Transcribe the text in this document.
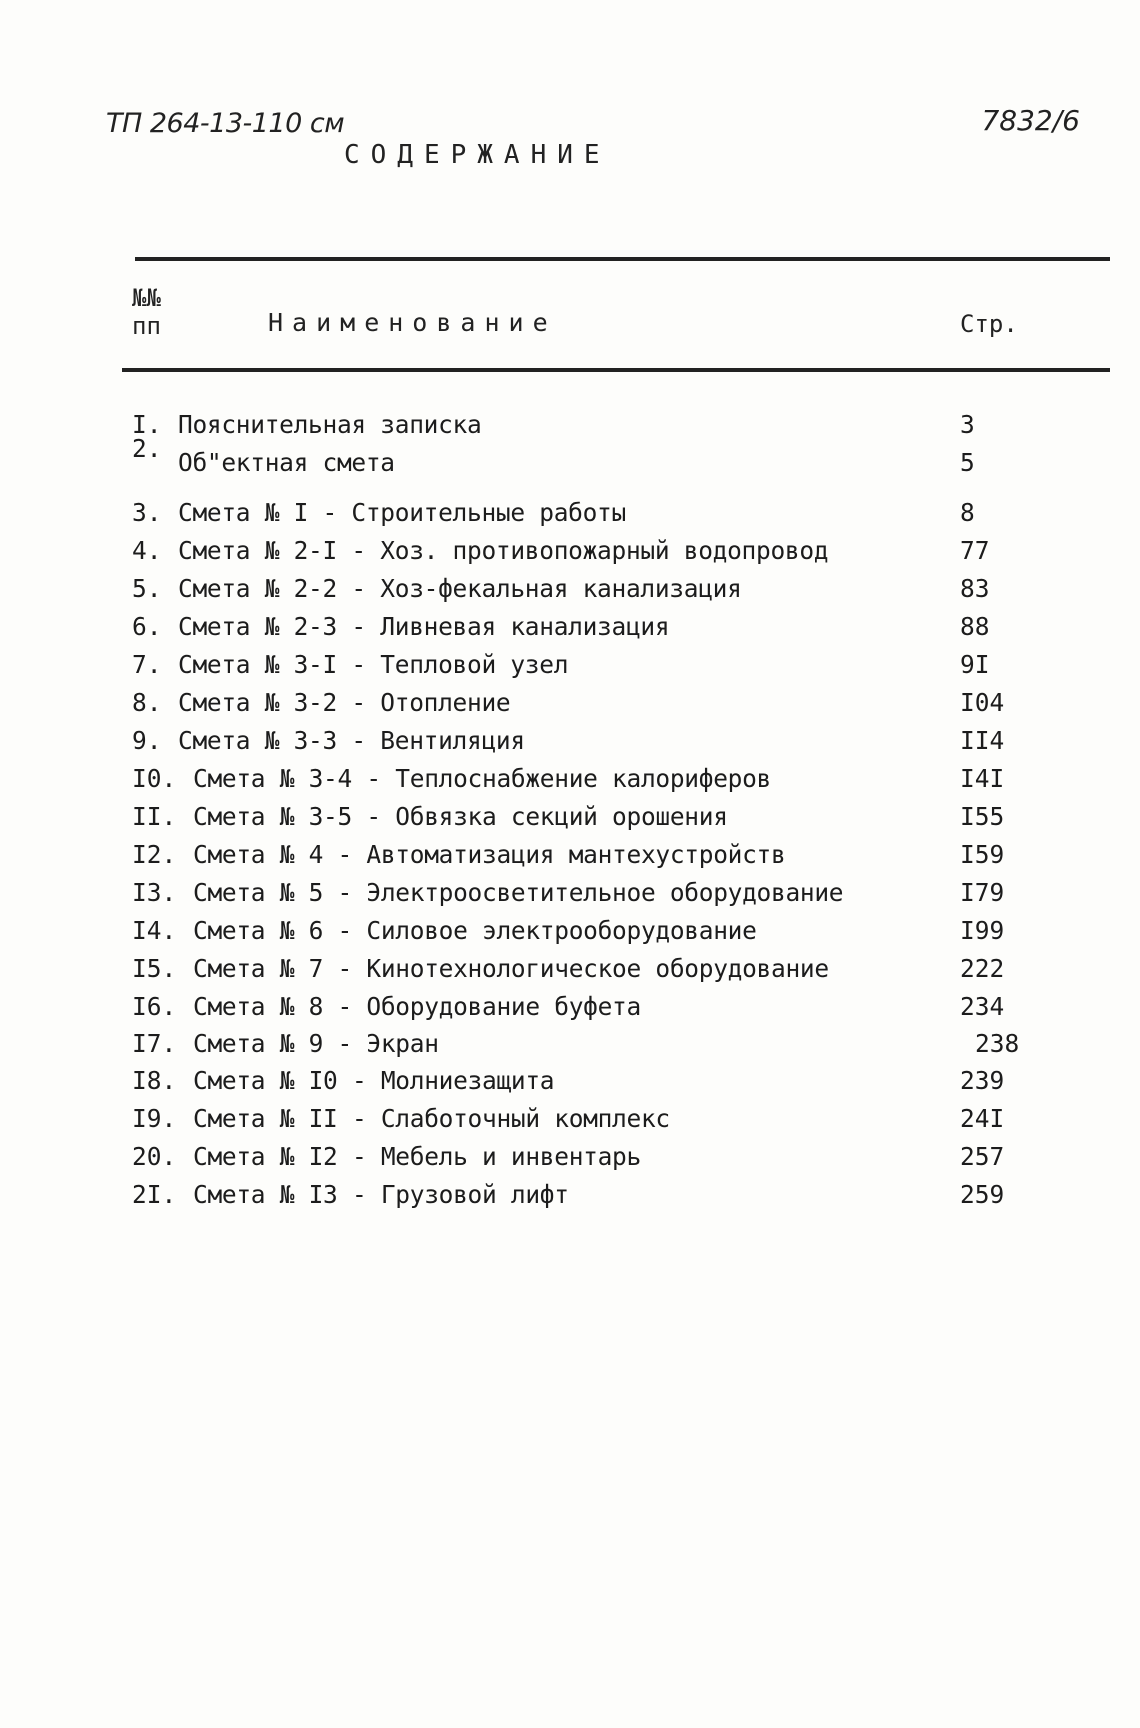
ТП 264-13-110 см	7832/6
СОДЕРЖАНИЕ
№№
пп	Наименование	Стр.
I. Пояснительная записка	3
2. Об"ектная смета	5
3. Смета № I - Строительные работы	8
4. Смета № 2-I - Хоз. противопожарный водопровод	77
5. Смета № 2-2 - Хоз-фекальная канализация	83
6. Смета № 2-3 - Ливневая канализация	88
7. Смета № 3-I - Тепловой узел	9I
8. Смета № 3-2 - Отопление	I04
9. Смета № 3-3 - Вентиляция	II4
I0. Смета № 3-4 - Теплоснабжение калориферов	I4I
II. Смета № 3-5 - Обвязка секций орошения	I55
I2. Смета № 4 - Автоматизация мантехустройств	I59
I3. Смета № 5 - Электроосветительное оборудование	I79
I4. Смета № 6 - Силовое электрооборудование	I99
I5. Смета № 7 - Кинотехнологическое оборудование	222
I6. Смета № 8 - Оборудование буфета	234
I7. Смета № 9 - Экран	238
I8. Смета № I0 - Молниезащита	239
I9. Смета № II - Слаботочный комплекс	24I
20. Смета № I2 - Мебель и инвентарь	257
2I. Смета № I3 - Грузовой лифт	259
